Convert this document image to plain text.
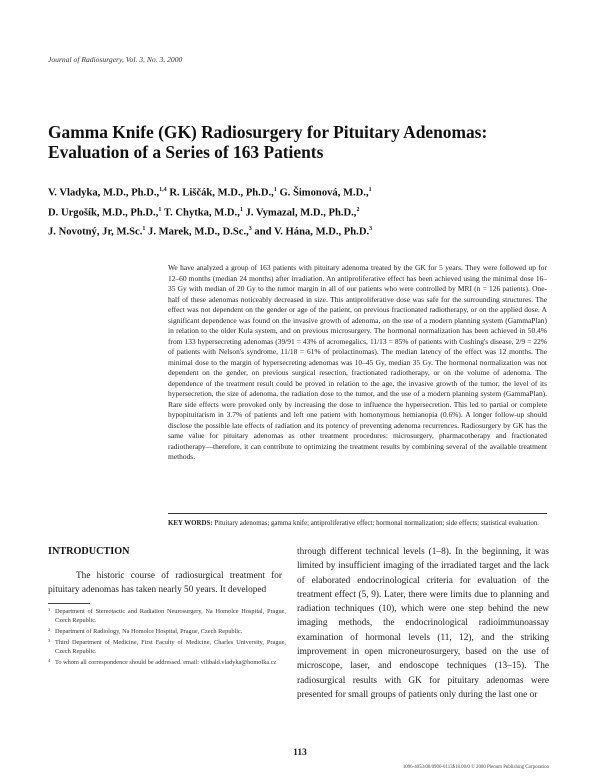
Journal of Radiosurgery, Vol. 3, No. 3, 2000
Gamma Knife (GK) Radiosurgery for Pituitary Adenomas:
Evaluation of a Series of 163 Patients
V. Vladyka, M.D., Ph.D.,$^{1,4}$ R. Liščák, M.D., Ph.D.,$^1$ G. Šimonová, M.D.,$^1$
D. Urgošík, M.D., Ph.D.,$^1$ T. Chytka, M.D.,$^1$ J. Vymazal, M.D., Ph.D.,$^2$
J. Novotný, Jr, M.Sc.$^1$ J. Marek, M.D., D.Sc.,$^3$ and V. Hána, M.D., Ph.D.$^3$
We have analyzed a group of 163 patients with pituitary adenoma treated by the GK for 5 years. They were followed up for 12–60 months (median 24 months) after irradiation. An antiproliferative effect has been achieved using the minimal dose 16–35 Gy with median of 20 Gy to the tumor margin in all of our patients who were controlled by MRI (n = 126 patients). One-half of these adenomas noticeably decreased in size. This antiproliferative dose was safe for the surrounding structures. The effect was not dependent on the gender or age of the patient, on previous fractionated radiotherapy, or on the applied dose. A significant dependence was found on the invasive growth of adenoma, on the use of a modern planning system (GammaPlan) in relation to the older Kula system, and on previous microsurgery. The hormonal normalization has been achieved in 50.4% from 133 hypersecreting adenomas (39/91 = 43% of acromegalics, 11/13 = 85% of patients with Cushing's disease, 2/9 = 22% of patients with Nelson's syndrome, 11/18 = 61% of prolactinomas). The median latency of the effect was 12 months. The minimal dose to the margin of hypersecreting adenomas was 10–45 Gy, median 35 Gy. The hormonal normalization was not dependent on the gender, on previous surgical resection, fractionated radiotherapy, or on the volume of adenoma. The dependence of the treatment result could be proved in relation to the age, the invasive growth of the tumor, the level of its hypersecretion, the size of adenoma, the radiation dose to the tumor, and the use of a modern planning system (GammaPlan). Rare side effects were provoked only by increasing the dose to influence the hypersecretion. This led to partial or complete hypopituitarism in 3.7% of patients and left one patient with homonymous hemianopia (0.6%). A longer follow-up should disclose the possible late effects of radiation and its potency of preventing adenoma recurrences. Radiosurgery by GK has the same value for pituitary adenomas as other treatment procedures: microsurgery, pharmacotherapy and fractionated radiotherapy—therefore, it can contribute to optimizing the treatment results by combining several of the available treatment methods.
KEY WORDS: Pituitary adenomas; gamma knife; antiproliferative effect; hormonal normalization; side effects; statistical evaluation.
INTRODUCTION
The historic course of radiosurgical treatment for pituitary adenomas has taken nearly 50 years. It developed
through different technical levels (1–8). In the beginning, it was limited by insufficient imaging of the irradiated target and the lack of elaborated endocrinological criteria for evaluation of the treatment effect (5, 9). Later, there were limits due to planning and radiation techniques (10), which were one step behind the new imaging methods, the endocrinological radioimmunoassay examination of hormonal levels (11, 12), and the striking improvement in open microneurosurgery, based on the use of microscope, laser, and endoscope techniques (13–15). The radiosurgical results with GK for pituitary adenomas were presented for small groups of patients only during the last one or
1 Department of Stereotactic and Radiation Neurosurgery, Na Homolce Hospital, Prague, Czech Republic.
2 Department of Radiology, Na Homolce Hospital, Prague, Czech Republic.
3 Third Department of Medicine, First Faculty of Medicine, Charles University, Prague, Czech Republic.
4 To whom all correspondence should be addressed. email: vilibald.vladyka@homolka.cz
113
1096-4053/00/0900-0113$18.00/0 © 2000 Plenum Publishing Corporation
